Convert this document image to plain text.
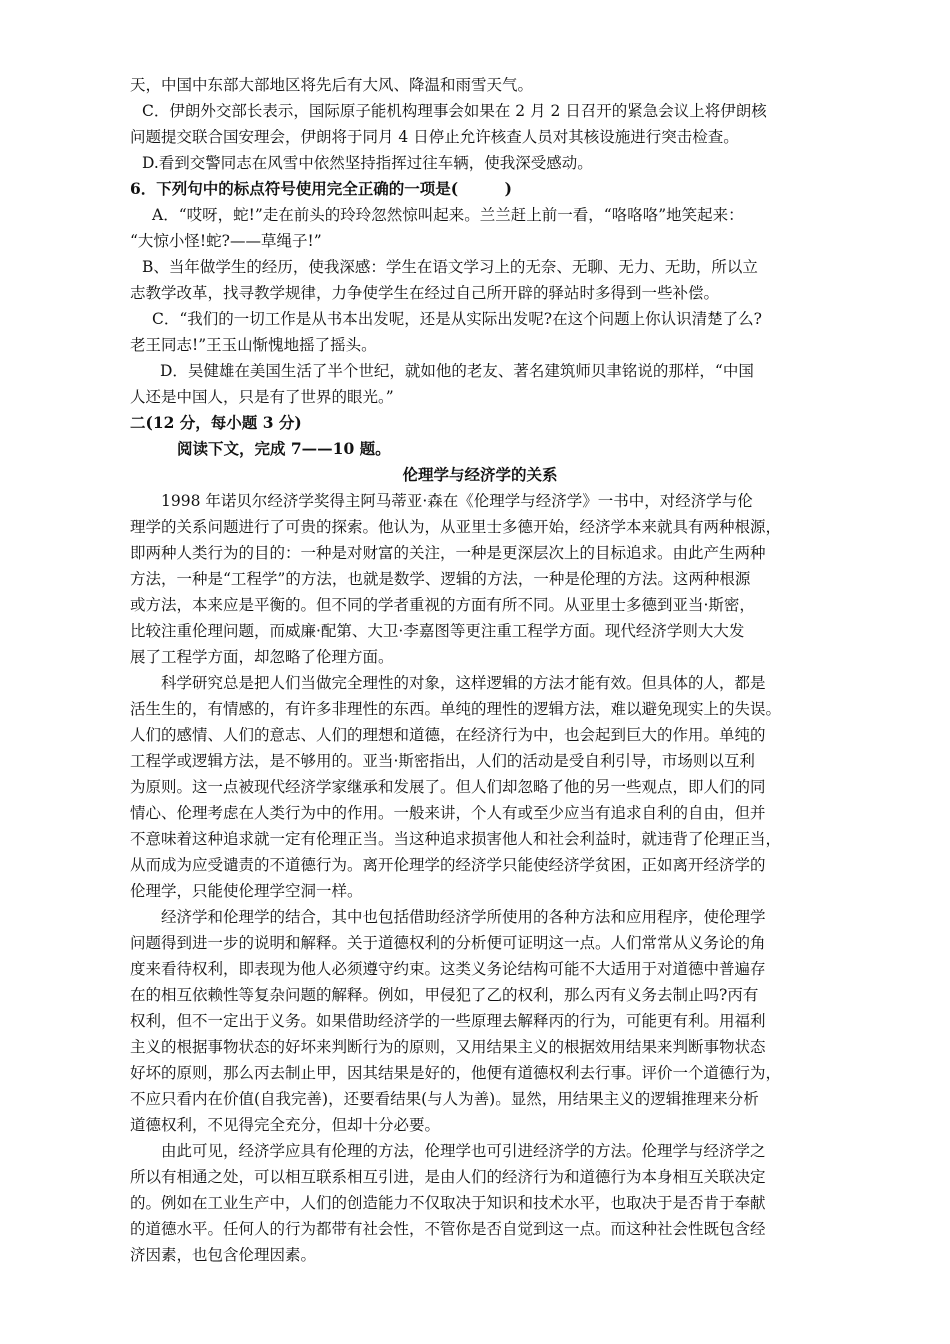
天，中国中东部大部地区将先后有大风、降温和雨雪天气。
C．伊朗外交部长表示，国际原子能机构理事会如果在 2 月 2 日召开的紧急会议上将伊朗核
问题提交联合国安理会，伊朗将于同月 4 日停止允许核查人员对其核设施进行突击检查。
D.看到交警同志在风雪中依然坚持指挥过往车辆，使我深受感动。
6．下列句中的标点符号使用完全正确的一项是(　　　)
A．“哎呀，蛇!”走在前头的玲玲忽然惊叫起来。兰兰赶上前一看，“咯咯咯”地笑起来：
“大惊小怪!蛇?——草绳子!”
B、当年做学生的经历，使我深感：学生在语文学习上的无奈、无聊、无力、无助，所以立
志教学改革，找寻教学规律，力争使学生在经过自己所开辟的驿站时多得到一些补偿。
C．“我们的一切工作是从书本出发呢，还是从实际出发呢?在这个问题上你认识清楚了么?
老王同志!”王玉山惭愧地摇了摇头。
D．吴健雄在美国生活了半个世纪，就如他的老友、著名建筑师贝聿铭说的那样，“中国
人还是中国人，只是有了世界的眼光。”
二(12 分，每小题 3 分)
阅读下文，完成 7——10 题。
伦理学与经济学的关系
1998 年诺贝尔经济学奖得主阿马蒂亚·森在《伦理学与经济学》一书中，对经济学与伦
理学的关系问题进行了可贵的探索。他认为，从亚里士多德开始，经济学本来就具有两种根源，
即两种人类行为的目的：一种是对财富的关注，一种是更深层次上的目标追求。由此产生两种
方法，一种是“工程学”的方法，也就是数学、逻辑的方法，一种是伦理的方法。这两种根源
或方法，本来应是平衡的。但不同的学者重视的方面有所不同。从亚里士多德到亚当·斯密，
比较注重伦理问题，而威廉·配第、大卫·李嘉图等更注重工程学方面。现代经济学则大大发
展了工程学方面，却忽略了伦理方面。
科学研究总是把人们当做完全理性的对象，这样逻辑的方法才能有效。但具体的人，都是
活生生的，有情感的，有许多非理性的东西。单纯的理性的逻辑方法，难以避免现实上的失误。
人们的感情、人们的意志、人们的理想和道德，在经济行为中，也会起到巨大的作用。单纯的
工程学或逻辑方法，是不够用的。亚当·斯密指出，人们的活动是受自利引导，市场则以互利
为原则。这一点被现代经济学家继承和发展了。但人们却忽略了他的另一些观点，即人们的同
情心、伦理考虑在人类行为中的作用。一般来讲，个人有或至少应当有追求自利的自由，但并
不意味着这种追求就一定有伦理正当。当这种追求损害他人和社会利益时，就违背了伦理正当，
从而成为应受谴责的不道德行为。离开伦理学的经济学只能使经济学贫困，正如离开经济学的
伦理学，只能使伦理学空洞一样。
经济学和伦理学的结合，其中也包括借助经济学所使用的各种方法和应用程序，使伦理学
问题得到进一步的说明和解释。关于道德权利的分析便可证明这一点。人们常常从义务论的角
度来看待权利，即表现为他人必须遵守约束。这类义务论结构可能不大适用于对道德中普遍存
在的相互依赖性等复杂问题的解释。例如，甲侵犯了乙的权利，那么丙有义务去制止吗?丙有
权利，但不一定出于义务。如果借助经济学的一些原理去解释丙的行为，可能更有利。用福利
主义的根据事物状态的好坏来判断行为的原则，又用结果主义的根据效用结果来判断事物状态
好坏的原则，那么丙去制止甲，因其结果是好的，他便有道德权利去行事。评价一个道德行为，
不应只看内在价值(自我完善)，还要看结果(与人为善)。显然，用结果主义的逻辑推理来分析
道德权利，不见得完全充分，但却十分必要。
由此可见，经济学应具有伦理的方法，伦理学也可引进经济学的方法。伦理学与经济学之
所以有相通之处，可以相互联系相互引进，是由人们的经济行为和道德行为本身相互关联决定
的。例如在工业生产中，人们的创造能力不仅取决于知识和技术水平，也取决于是否肯于奉献
的道德水平。任何人的行为都带有社会性，不管你是否自觉到这一点。而这种社会性既包含经
济因素，也包含伦理因素。
